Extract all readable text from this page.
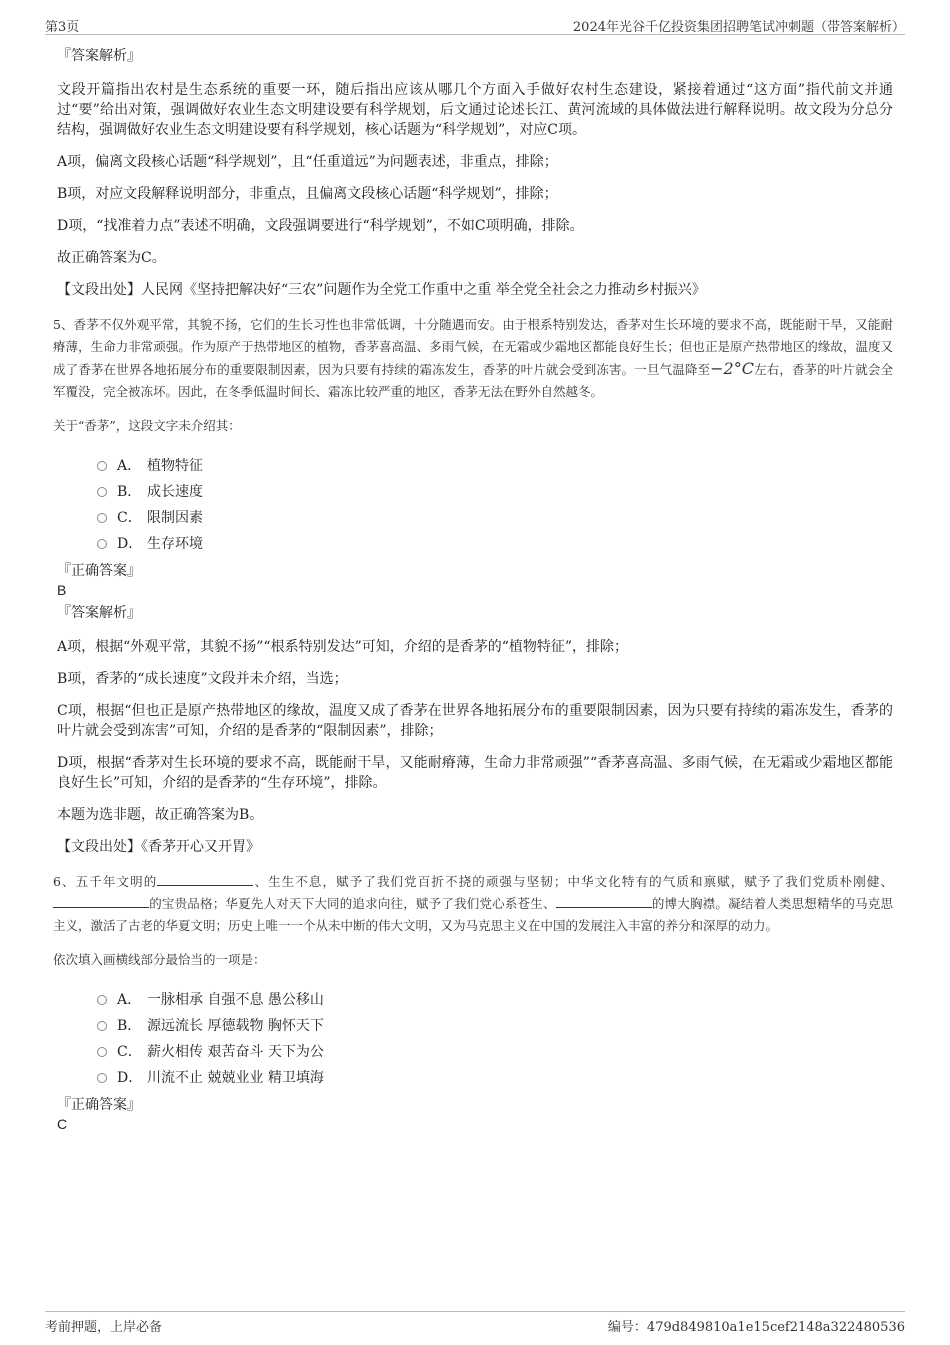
第3页	2024年光谷千亿投资集团招聘笔试冲刺题（带答案解析）
『答案解析』
文段开篇指出农村是生态系统的重要一环，随后指出应该从哪几个方面入手做好农村生态建设，紧接着通过“这方面”指代前文并通过“要”给出对策，强调做好农业生态文明建设要有科学规划，后文通过论述长江、黄河流域的具体做法进行解释说明。故文段为分总分结构，强调做好农业生态文明建设要有科学规划，核心话题为“科学规划”，对应C项。
A项，偏离文段核心话题“科学规划”，且“任重道远”为问题表述，非重点，排除；
B项，对应文段解释说明部分，非重点，且偏离文段核心话题“科学规划”，排除；
D项，“找准着力点”表述不明确，文段强调要进行“科学规划”，不如C项明确，排除。
故正确答案为C。
【文段出处】人民网《坚持把解决好“三农”问题作为全党工作重中之重 举全党全社会之力推动乡村振兴》
5、香茅不仅外观平常，其貌不扬，它们的生长习性也非常低调，十分随遇而安。由于根系特别发达，香茅对生长环境的要求不高，既能耐干旱，又能耐瘠薄，生命力非常顽强。作为原产于热带地区的植物，香茅喜高温、多雨气候，在无霜或少霜地区都能良好生长；但也正是原产热带地区的缘故，温度又成了香茅在世界各地拓展分布的重要限制因素，因为只要有持续的霜冻发生，香茅的叶片就会受到冻害。一旦气温降至−2°C左右，香茅的叶片就会全军覆没，完全被冻坏。因此，在冬季低温时间长、霜冻比较严重的地区，香茅无法在野外自然越冬。
关于“香茅”，这段文字未介绍其：
A． 植物特征
B． 成长速度
C． 限制因素
D． 生存环境
『正确答案』
B
『答案解析』
A项，根据“外观平常，其貌不扬”“根系特别发达”可知，介绍的是香茅的“植物特征”，排除；
B项，香茅的“成长速度”文段并未介绍，当选；
C项，根据“但也正是原产热带地区的缘故，温度又成了香茅在世界各地拓展分布的重要限制因素，因为只要有持续的霜冻发生，香茅的叶片就会受到冻害”可知，介绍的是香茅的“限制因素”，排除；
D项，根据“香茅对生长环境的要求不高，既能耐干旱，又能耐瘠薄，生命力非常顽强”“香茅喜高温、多雨气候，在无霜或少霜地区都能良好生长”可知，介绍的是香茅的“生存环境”，排除。
本题为选非题，故正确答案为B。
【文段出处】《香茅开心又开胃》
6、五千年文明的	、生生不息，赋予了我们党百折不挠的顽强与坚韧；中华文化特有的气质和禀赋，赋予了我们党质朴刚健、的宝贵品格；华夏先人对天下大同的追求向往，赋予了我们党心系苍生、	的博大胸襟。凝结着人类思想精华的马克思主义，激活了古老的华夏文明；历史上唯一一个从未中断的伟大文明，又为马克思主义在中国的发展注入丰富的养分和深厚的动力。
依次填入画横线部分最恰当的一项是：
A． 一脉相承 自强不息 愚公移山
B． 源远流长 厚德载物 胸怀天下
C． 薪火相传 艰苦奋斗 天下为公
D． 川流不止 兢兢业业 精卫填海
『正确答案』
C
考前押题，上岸必备	编号：479d849810a1e15cef2148a322480536
